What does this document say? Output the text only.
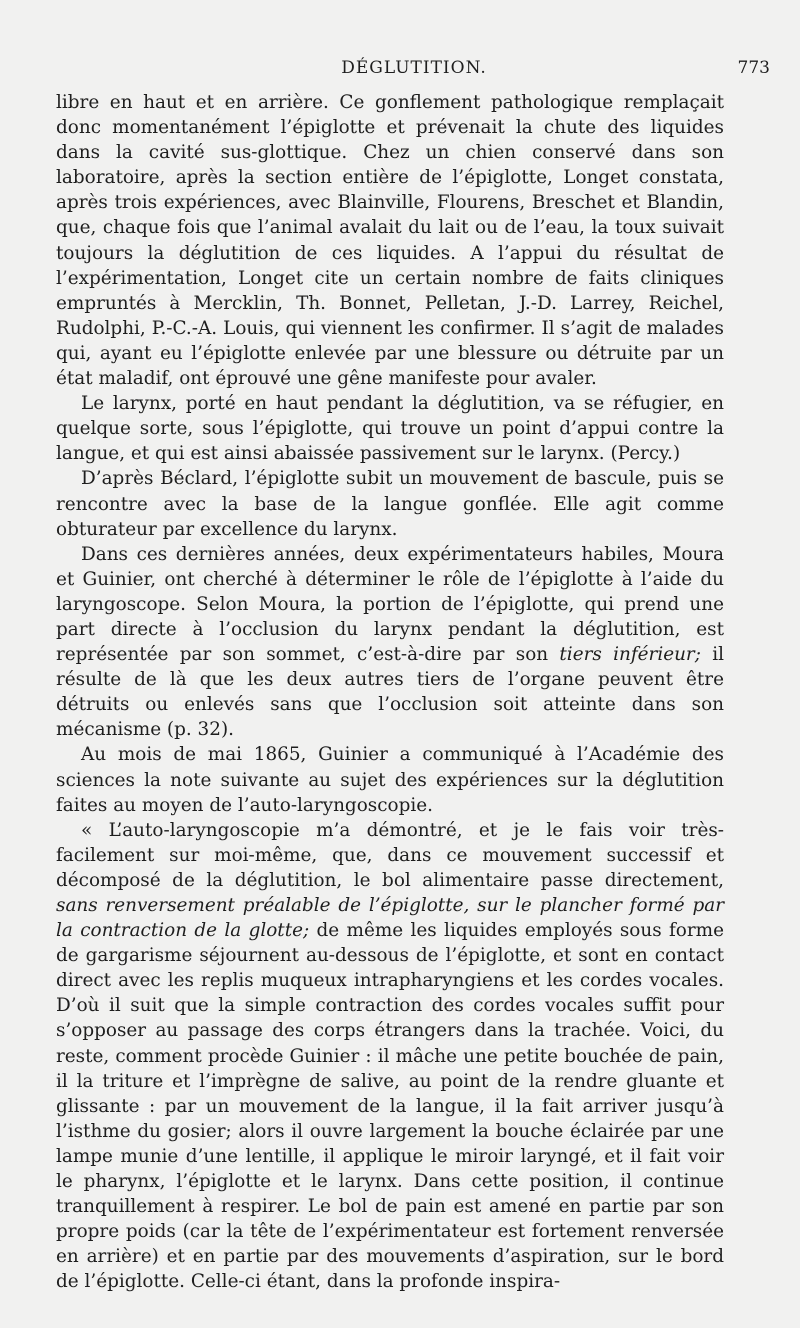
DÉGLUTITION.	773

libre en haut et en arrière. Ce gonflement pathologique remplaçait donc momentanément l’épiglotte et prévenait la chute des liquides dans la cavité sus-glottique. Chez un chien conservé dans son laboratoire, après la section entière de l’épiglotte, Longet constata, après trois expériences, avec Blainville, Flourens, Breschet et Blandin, que, chaque fois que l’animal avalait du lait ou de l’eau, la toux suivait toujours la déglutition de ces liquides. A l’appui du résultat de l’expérimentation, Longet cite un certain nombre de faits cliniques empruntés à Mercklin, Th. Bonnet, Pelletan, J.-D. Larrey, Reichel, Rudolphi, P.-C.-A. Louis, qui viennent les confirmer. Il s’agit de malades qui, ayant eu l’épiglotte enlevée par une blessure ou détruite par un état maladif, ont éprouvé une gêne manifeste pour avaler.

Le larynx, porté en haut pendant la déglutition, va se réfugier, en quelque sorte, sous l’épiglotte, qui trouve un point d’appui contre la langue, et qui est ainsi abaissée passivement sur le larynx. (Percy.)

D’après Béclard, l’épiglotte subit un mouvement de bascule, puis se rencontre avec la base de la langue gonflée. Elle agit comme obturateur par excellence du larynx.

Dans ces dernières années, deux expérimentateurs habiles, Moura et Guinier, ont cherché à déterminer le rôle de l’épiglotte à l’aide du laryngoscope. Selon Moura, la portion de l’épiglotte, qui prend une part directe à l’occlusion du larynx pendant la déglutition, est représentée par son sommet, c’est-à-dire par son tiers inférieur; il résulte de là que les deux autres tiers de l’organe peuvent être détruits ou enlevés sans que l’occlusion soit atteinte dans son mécanisme (p. 32).

Au mois de mai 1865, Guinier a communiqué à l’Académie des sciences la note suivante au sujet des expériences sur la déglutition faites au moyen de l’auto-laryngoscopie.

« L’auto-laryngoscopie m’a démontré, et je le fais voir très-facilement sur moi-même, que, dans ce mouvement successif et décomposé de la déglutition, le bol alimentaire passe directement, sans renversement préalable de l’épiglotte, sur le plancher formé par la contraction de la glotte; de même les liquides employés sous forme de gargarisme séjournent au-dessous de l’épiglotte, et sont en contact direct avec les replis muqueux intrapharyngiens et les cordes vocales. D’où il suit que la simple contraction des cordes vocales suffit pour s’opposer au passage des corps étrangers dans la trachée. Voici, du reste, comment procède Guinier : il mâche une petite bouchée de pain, il la triture et l’imprègne de salive, au point de la rendre gluante et glissante : par un mouvement de la langue, il la fait arriver jusqu’à l’isthme du gosier; alors il ouvre largement la bouche éclairée par une lampe munie d’une lentille, il applique le miroir laryngé, et il fait voir le pharynx, l’épiglotte et le larynx. Dans cette position, il continue tranquillement à respirer. Le bol de pain est amené en partie par son propre poids (car la tête de l’expérimentateur est fortement renversée en arrière) et en partie par des mouvements d’aspiration, sur le bord de l’épiglotte. Celle-ci étant, dans la profonde inspira-
